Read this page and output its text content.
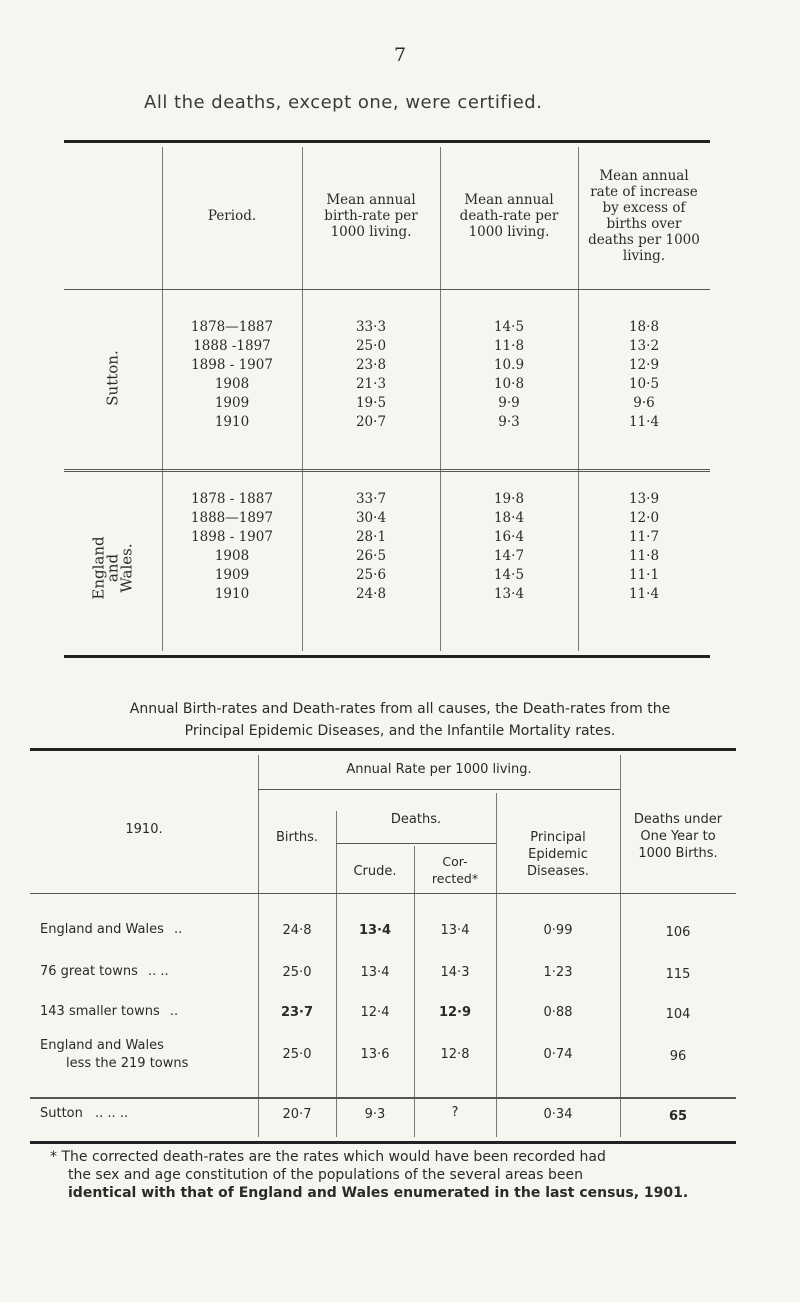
7
All the deaths, except one, were certified.
Period.
Mean annual birth-rate per 1000 living.
Mean annual death-rate per 1000 living.
Mean annual rate of increase by excess of births over deaths per 1000 living.
Sutton.
1878—1887	33·3	14·5	18·8
1888 -1897	25·0	11·8	13·2
1898 - 1907	23·8	10.9	12·9
1908	21·3	10·8	10·5
1909	19·5	9·9	9·6
1910	20·7	9·3	11·4
England and Wales.
1878 - 1887	33·7	19·8	13·9
1888—1897	30·4	18·4	12·0
1898 - 1907	28·1	16·4	11·7
1908	26·5	14·7	11·8
1909	25·6	14·5	11·1
1910	24·8	13·4	11·4
Annual Birth-rates and Death-rates from all causes, the Death-rates from the
Principal Epidemic Diseases, and the Infantile Mortality rates.
1910.
Annual Rate per 1000 living.
Births.
Deaths.
Crude.
Cor- rected*
Principal Epidemic Diseases.
Deaths under One Year to 1000 Births.
England and Wales ..	24·8	13·4	13·4	0·99	106
76 great towns .. ..	25·0	13·4	14·3	1·23	115
143 smaller towns ..	23·7	12·4	12·9	0·88	104
England and Wales
less the 219 towns
25·0	13·6	12·8	0·74	96
Sutton .. .. ..	20·7	9·3	?	0·34	65
* The corrected death-rates are the rates which would have been recorded had
the sex and age constitution of the populations of the several areas been
identical with that of England and Wales enumerated in the last census, 1901.
